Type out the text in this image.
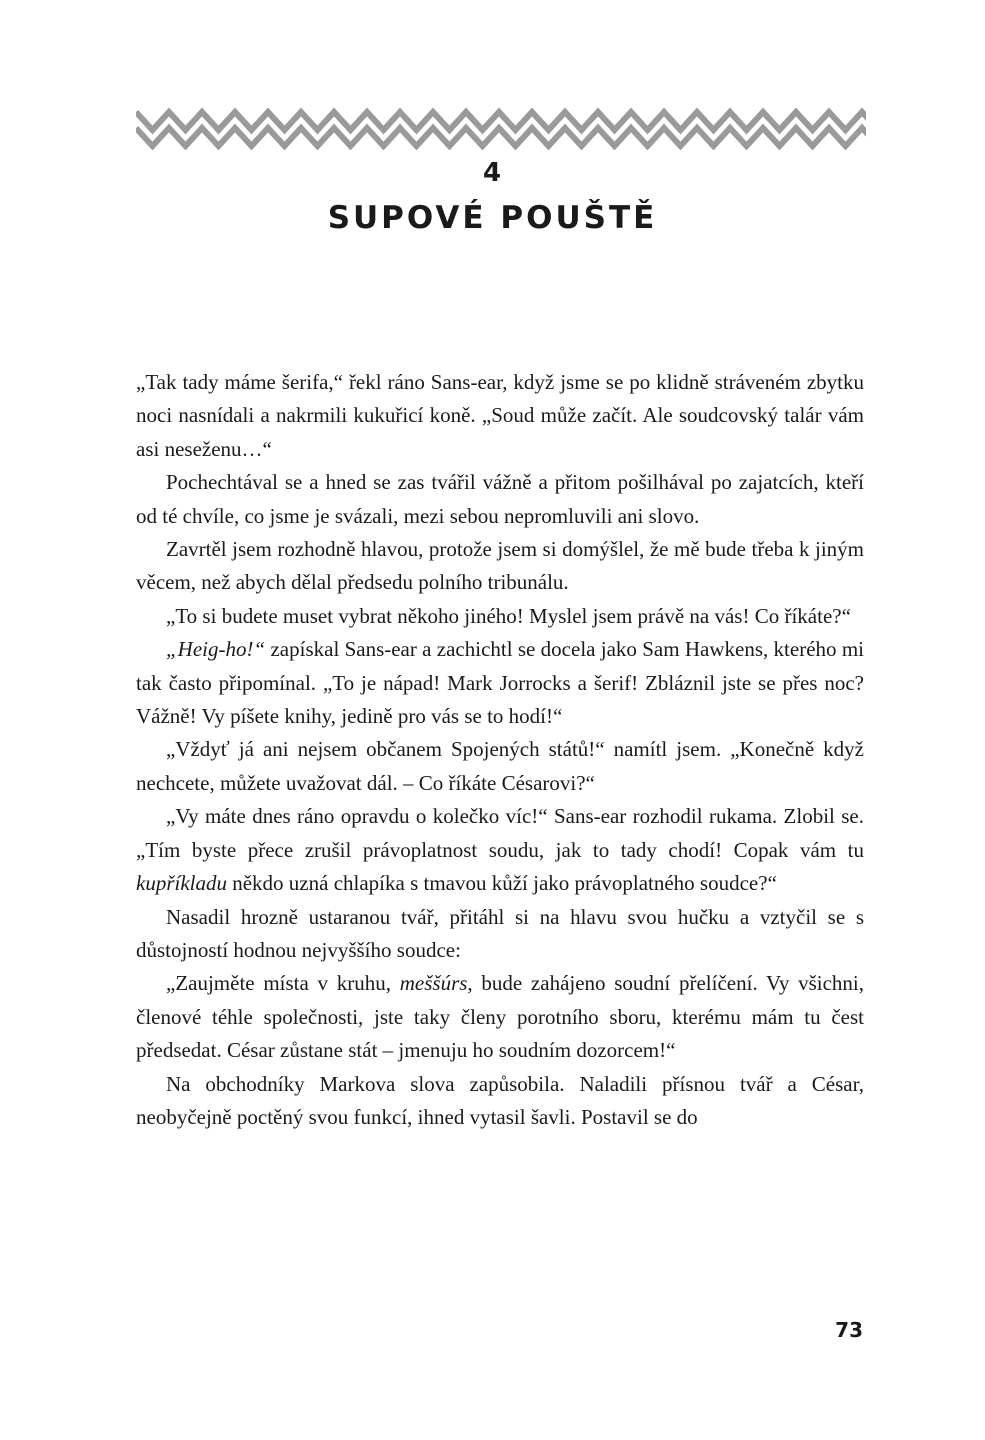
4
SUPOVÉ POUŠTĚ

„Tak tady máme šerifa,“ řekl ráno Sans-ear, když jsme se po klidně stráveném zbytku noci nasnídali a nakrmili kukuřicí koně. „Soud může začít. Ale soudcovský talár vám asi neseženu…“

Pochechtával se a hned se zas tvářil vážně a přitom pošilhával po zajatcích, kteří od té chvíle, co jsme je svázali, mezi sebou nepromluvili ani slovo.

Zavrtěl jsem rozhodně hlavou, protože jsem si domýšlel, že mě bude třeba k jiným věcem, než abych dělal předsedu polního tribunálu.

„To si budete muset vybrat někoho jiného! Myslel jsem právě na vás! Co říkáte?“

„Heig-ho!“ zapískal Sans-ear a zachichtl se docela jako Sam Hawkens, kterého mi tak často připomínal. „To je nápad! Mark Jorrocks a šerif! Zbláznil jste se přes noc? Vážně! Vy píšete knihy, jedině pro vás se to hodí!“

„Vždyť já ani nejsem občanem Spojených států!“ namítl jsem. „Konečně když nechcete, můžete uvažovat dál. – Co říkáte Césarovi?“

„Vy máte dnes ráno opravdu o kolečko víc!“ Sans-ear rozhodil rukama. Zlobil se. „Tím byste přece zrušil právoplatnost soudu, jak to tady chodí! Copak vám tu kupříkladu někdo uzná chlapíka s tmavou kůží jako právoplatného soudce?“

Nasadil hrozně ustaranou tvář, přitáhl si na hlavu svou hučku a vztyčil se s důstojností hodnou nejvyššího soudce:

„Zaujměte místa v kruhu, meššúrs, bude zahájeno soudní přelíčení. Vy všichni, členové téhle společnosti, jste taky členy porotního sboru, kterému mám tu čest předsedat. César zůstane stát – jmenuju ho soudním dozorcem!“

Na obchodníky Markova slova zapůsobila. Naladili přísnou tvář a César, neobyčejně poctěný svou funkcí, ihned vytasil šavli. Postavil se do

73
